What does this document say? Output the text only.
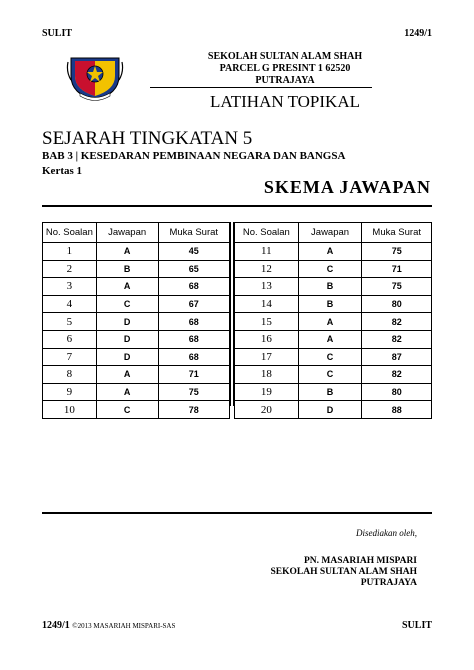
SULIT	1249/1
SEKOLAH SULTAN ALAM SHAH
PARCEL G PRESINT 1 62520
PUTRAJAYA
LATIHAN TOPIKAL
SEJARAH TINGKATAN 5
BAB 3 | KESEDARAN PEMBINAAN NEGARA DAN BANGSA
Kertas 1
SKEMA JAWAPAN
No. Soalan	Jawapan	Muka Surat
1	A	45
2	B	65
3	A	68
4	C	67
5	D	68
6	D	68
7	D	68
8	A	71
9	A	75
10	C	78
No. Soalan	Jawapan	Muka Surat
11	A	75
12	C	71
13	B	75
14	B	80
15	A	82
16	A	82
17	C	87
18	C	82
19	B	80
20	D	88
Disediakan oleh,
PN. MASARIAH MISPARI
SEKOLAH SULTAN ALAM SHAH
PUTRAJAYA
1249/1 ©2013 MASARIAH MISPARI-SAS	SULIT
